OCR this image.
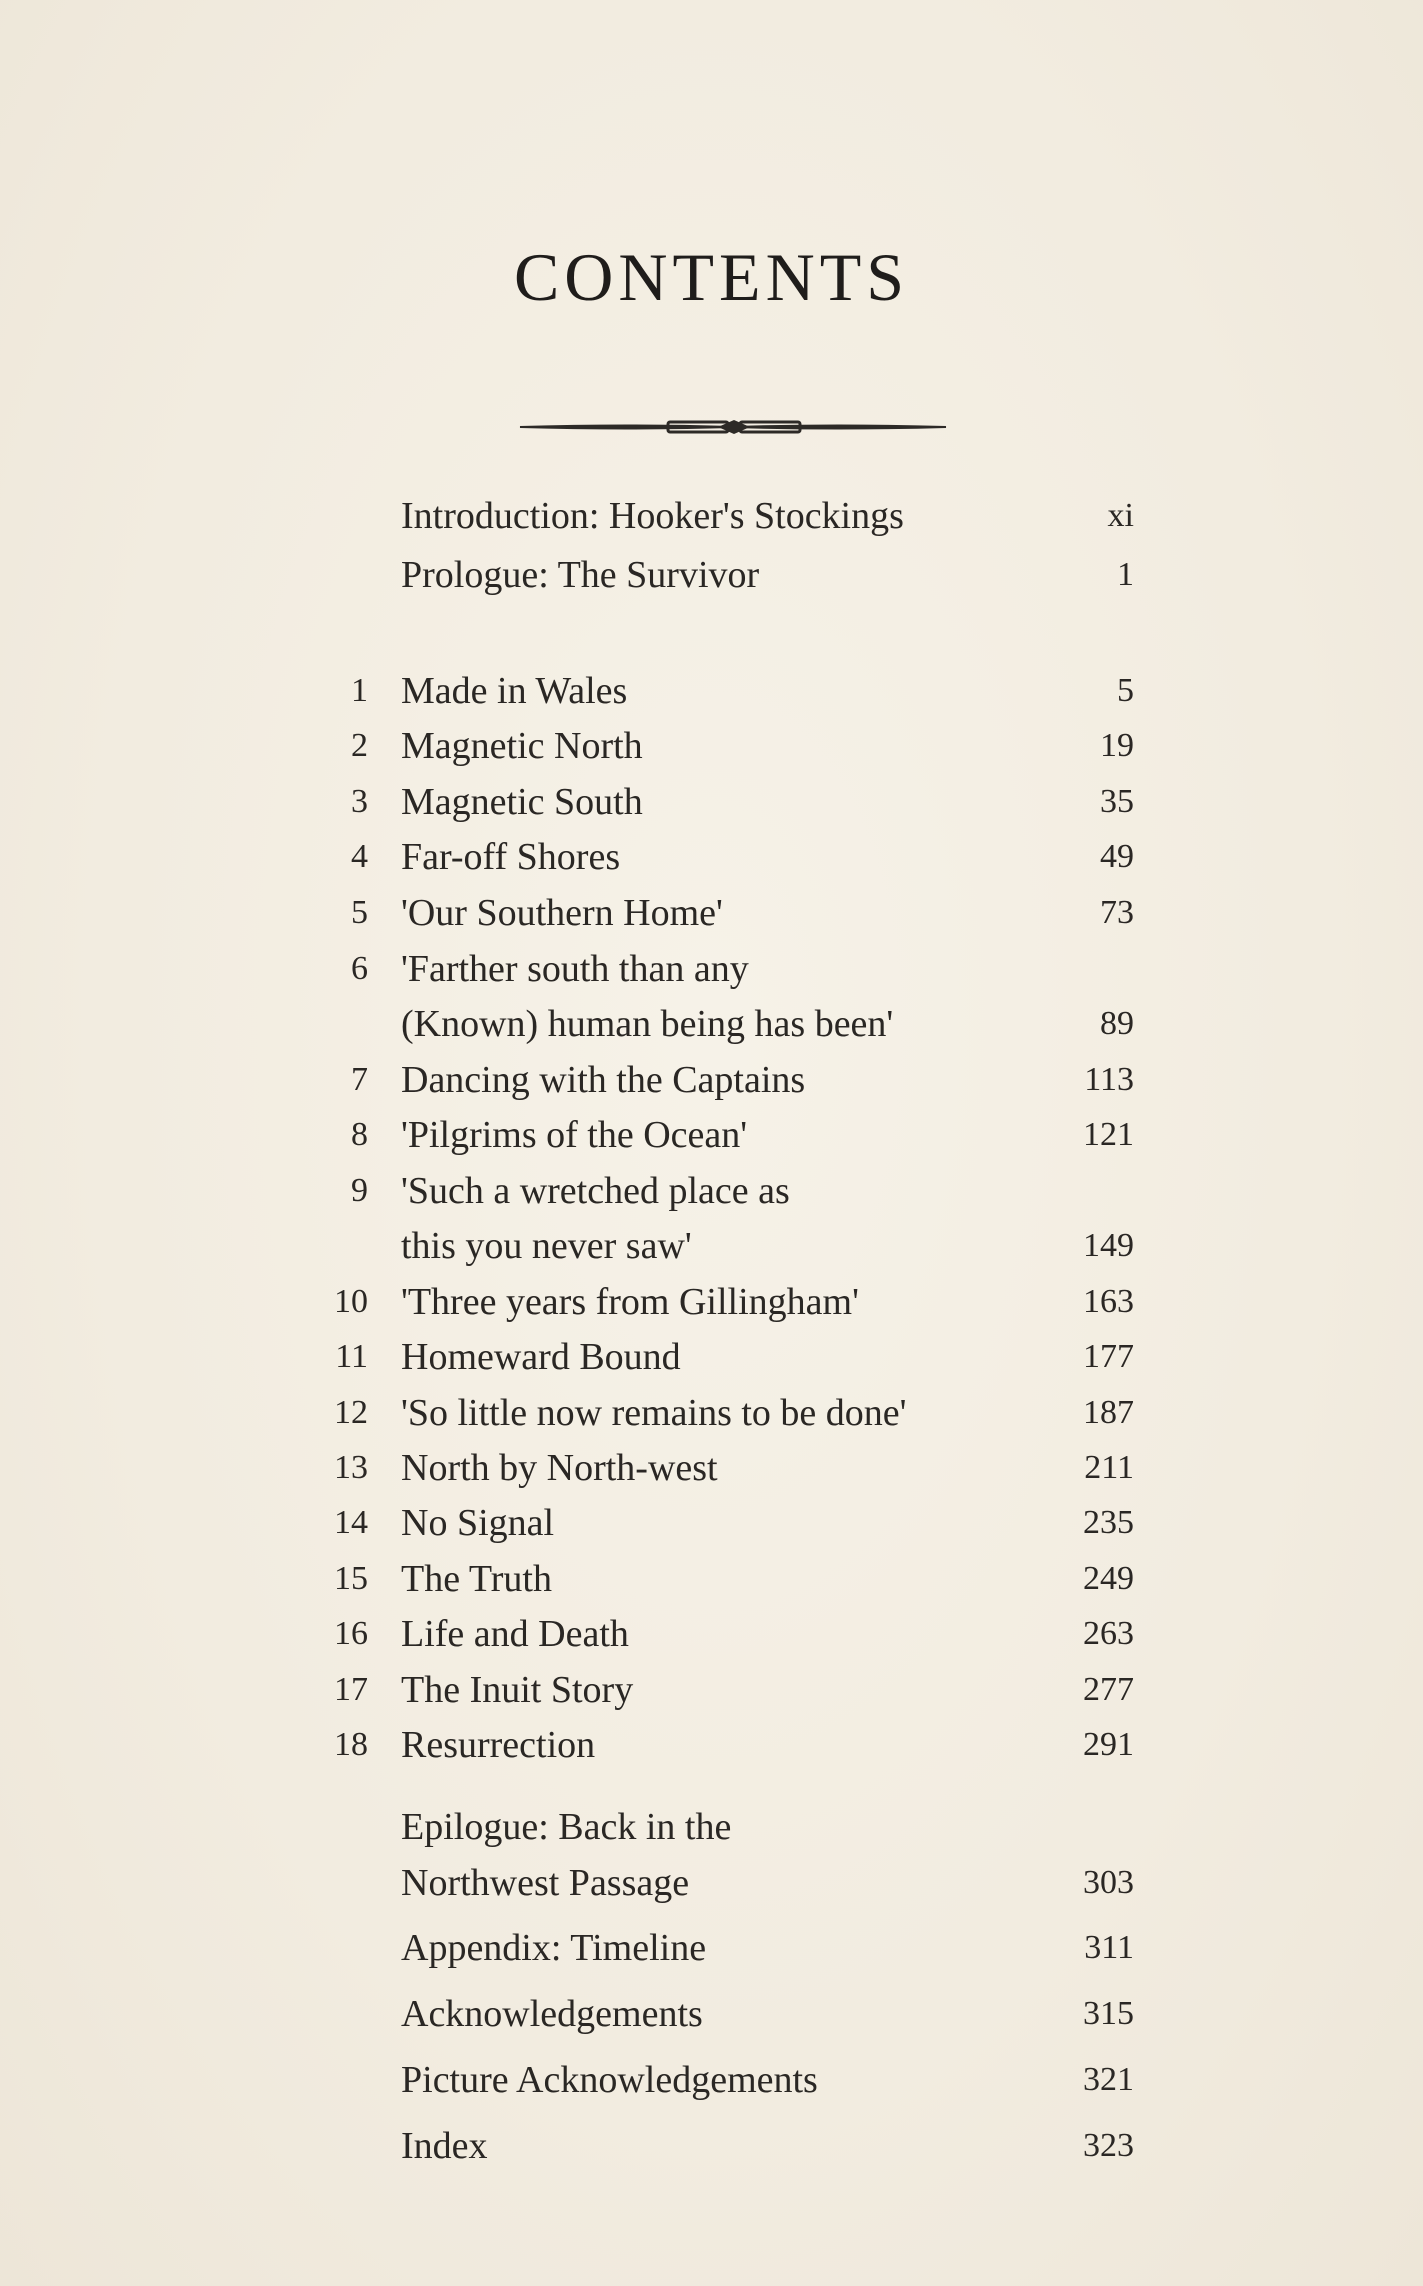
CONTENTS
Introduction: Hooker's Stockings	xi
Prologue: The Survivor	1
1 Made in Wales	5
2 Magnetic North	19
3 Magnetic South	35
4 Far-off Shores	49
5 'Our Southern Home'	73
6 'Farther south than any
(Known) human being has been'	89
7 Dancing with the Captains	113
8 'Pilgrims of the Ocean'	121
9 'Such a wretched place as
this you never saw'	149
10 'Three years from Gillingham'	163
11 Homeward Bound	177
12 'So little now remains to be done'	187
13 North by North-west	211
14 No Signal	235
15 The Truth	249
16 Life and Death	263
17 The Inuit Story	277
18 Resurrection	291
Epilogue: Back in the
Northwest Passage	303
Appendix: Timeline	311
Acknowledgements	315
Picture Acknowledgements	321
Index	323
